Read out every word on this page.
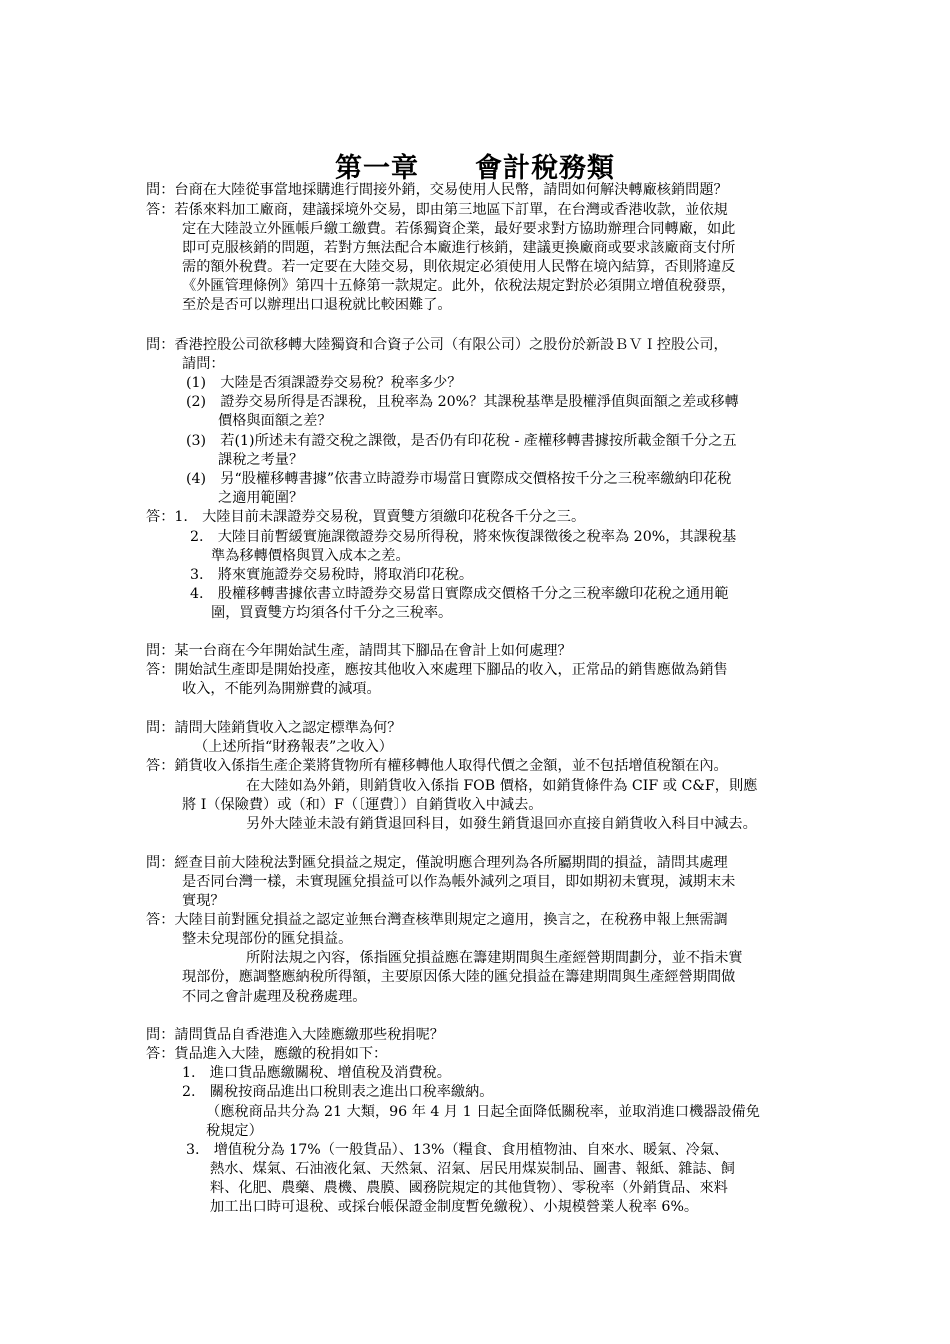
第一章　　會計稅務類
問：台商在大陸從事當地採購進行間接外銷，交易使用人民幣，請問如何解決轉廠核銷問題？
答：若係來料加工廠商，建議採境外交易，即由第三地區下訂單，在台灣或香港收款，並依規
定在大陸設立外匯帳戶繳工繳費。若係獨資企業，最好要求對方協助辦理合同轉廠，如此
即可克服核銷的問題，若對方無法配合本廠進行核銷，建議更換廠商或要求該廠商支付所
需的額外稅費。若一定要在大陸交易，則依規定必須使用人民幣在境內結算，否則將違反
《外匯管理條例》第四十五條第一款規定。此外，依稅法規定對於必須開立增值稅發票，
至於是否可以辦理出口退稅就比較困難了。
問：香港控股公司欲移轉大陸獨資和合資子公司（有限公司）之股份於新設ＢＶＩ控股公司，
請問：
(1)　大陸是否須課證券交易稅？稅率多少？
(2)　證券交易所得是否課稅，且稅率為 20%？其課稅基準是股權淨值與面額之差或移轉
價格與面額之差？
(3)　若(1)所述未有證交稅之課徵，是否仍有印花稅 - 產權移轉書據按所載金額千分之五
課稅之考量？
(4)　另“股權移轉書據”依書立時證券市場當日實際成交價格按千分之三稅率繳納印花稅
之適用範圍？
答：1.　大陸目前未課證券交易稅，買賣雙方須繳印花稅各千分之三。
2.　大陸目前暫緩實施課徵證券交易所得稅，將來恢復課徵後之稅率為 20%，其課稅基
準為移轉價格與買入成本之差。
3.　將來實施證券交易稅時，將取消印花稅。
4.　股權移轉書據依書立時證券交易當日實際成交價格千分之三稅率繳印花稅之通用範
圍，買賣雙方均須各付千分之三稅率。
問：某一台商在今年開始試生產，請問其下腳品在會計上如何處理？
答：開始試生產即是開始投產，應按其他收入來處理下腳品的收入，正常品的銷售應做為銷售
收入，不能列為開辦費的減項。
問：請問大陸銷貨收入之認定標準為何？
（上述所指“財務報表”之收入）
答：銷貨收入係指生產企業將貨物所有權移轉他人取得代價之金額，並不包括增值稅額在內。
在大陸如為外銷，則銷貨收入係指 FOB 價格，如銷貨條件為 CIF 或 C&F，則應
將 I（保險費）或（和）F（〔運費〕）自銷貨收入中減去。
另外大陸並未設有銷貨退回科目，如發生銷貨退回亦直接自銷貨收入科目中減去。
問：經查目前大陸稅法對匯兌損益之規定，僅說明應合理列為各所屬期間的損益，請問其處理
是否同台灣一樣，未實現匯兌損益可以作為帳外減列之項目，即如期初未實現，減期末未
實現？
答：大陸目前對匯兌損益之認定並無台灣查核準則規定之適用，換言之，在稅務申報上無需調
整未兌現部份的匯兌損益。
所附法規之內容，係指匯兌損益應在籌建期間與生產經營期間劃分，並不指未實
現部份，應調整應納稅所得額，主要原因係大陸的匯兌損益在籌建期間與生產經營期間做
不同之會計處理及稅務處理。
問：請問貨品自香港進入大陸應繳那些稅捐呢？
答：貨品進入大陸，應繳的稅捐如下：
1.　進口貨品應繳關稅、增值稅及消費稅。
2.　關稅按商品進出口稅則表之進出口稅率繳納。
（應稅商品共分為 21 大類，96 年 4 月 1 日起全面降低關稅率，並取消進口機器設備免
稅規定）
3.　增值稅分為 17%（一般貨品）、13%（糧食、食用植物油、自來水、暖氣、冷氣、
熱水、煤氣、石油液化氣、天然氣、沼氣、居民用煤炭制品、圖書、報紙、雜誌、飼
料、化肥、農藥、農機、農膜、國務院規定的其他貨物）、零稅率（外銷貨品、來料
加工出口時可退稅、或採台帳保證金制度暫免繳稅）、小規模營業人稅率 6%。
